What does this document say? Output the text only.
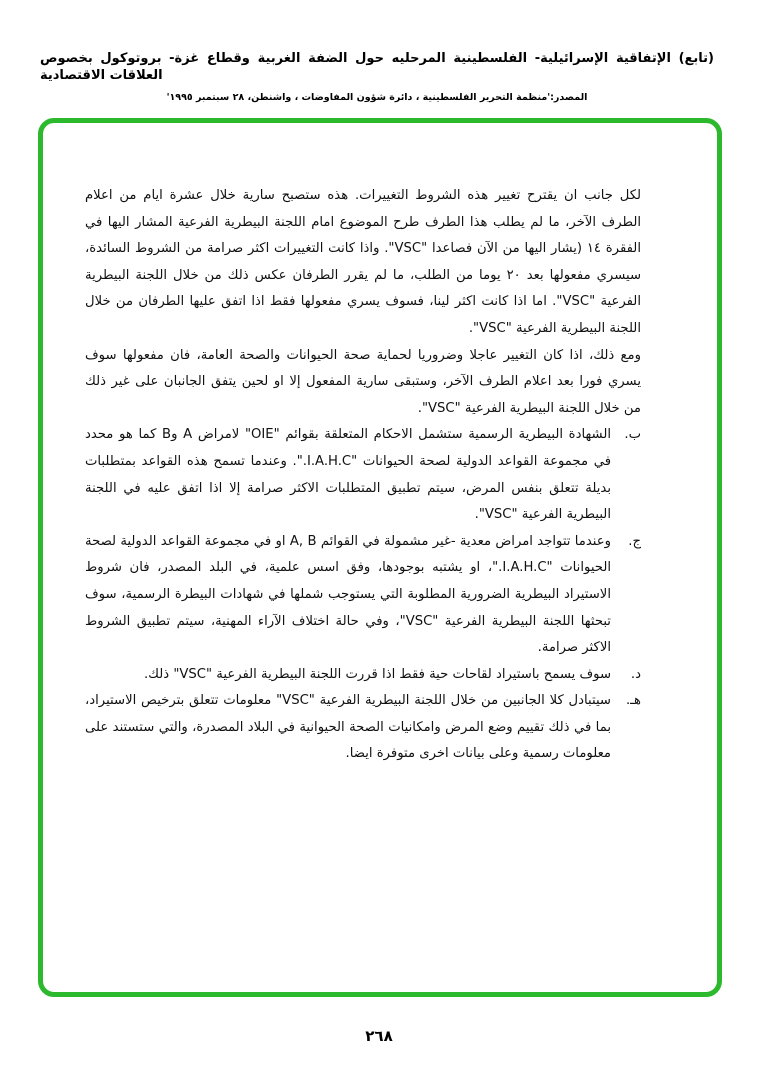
(تابع) الإتفاقية الإسرائيلية- الفلسطينية المرحليه حول الضفة الغربية وقطاع غزة- بروتوكول بخصوص العلاقات الاقتصادية
المصدر:'منظمة التحرير الفلسطينية ، دائرة شؤون المفاوضات ، واشنطن، ٢٨ سبتمبر ١٩٩٥'

لكل جانب ان يقترح تغيير هذه الشروط التغييرات. هذه ستصبح سارية خلال عشرة ايام من اعلام الطرف الآخر، ما لم يطلب هذا الطرف طرح الموضوع امام اللجنة البيطرية الفرعية المشار اليها في الفقرة ١٤ (يشار اليها من الآن فصاعدا "VSC". واذا كانت التغييرات اكثر صرامة من الشروط السائدة، سيسري مفعولها بعد ٢٠ يوما من الطلب، ما لم يقرر الطرفان عكس ذلك من خلال اللجنة البيطرية الفرعية "VSC". اما اذا كانت اكثر لينا، فسوف يسري مفعولها فقط اذا اتفق عليها الطرفان من خلال اللجنة البيطرية الفرعية "VSC".

ومع ذلك، اذا كان التغيير عاجلا وضروريا لحماية صحة الحيوانات والصحة العامة، فان مفعولها سوف يسري فورا بعد اعلام الطرف الآخر، وستبقى سارية المفعول إلا او لحين يتفق الجانبان على غير ذلك من خلال اللجنة البيطرية الفرعية "VSC".

ب.
الشهادة البيطرية الرسمية ستشمل الاحكام المتعلقة بقوائم "OIE" لامراض A وB كما هو محدد في مجموعة القواعد الدولية لصحة الحيوانات "I.A.H.C.". وعندما تسمح هذه القواعد بمتطلبات بديلة تتعلق بنفس المرض، سيتم تطبيق المتطلبات الاكثر صرامة إلا اذا اتفق عليه في اللجنة البيطرية الفرعية "VSC".
ج.
وعندما تتواجد امراض معدية -غير مشمولة في القوائم A, B او في مجموعة القواعد الدولية لصحة الحيوانات "I.A.H.C."، او يشتبه بوجودها، وفق اسس علمية، في البلد المصدر، فان شروط الاستيراد البيطرية الضرورية المطلوبة التي يستوجب شملها في شهادات البيطرة الرسمية، سوف تبحثها اللجنة البيطرية الفرعية "VSC"، وفي حالة اختلاف الآراء المهنية، سيتم تطبيق الشروط الاكثر صرامة.
د.
سوف يسمح باستيراد لقاحات حية فقط اذا قررت اللجنة البيطرية الفرعية "VSC" ذلك.
هـ.
سيتبادل كلا الجانبين من خلال اللجنة البيطرية الفرعية "VSC" معلومات تتعلق بترخيص الاستيراد، بما في ذلك تقييم وضع المرض وامكانيات الصحة الحيوانية في البلاد المصدرة، والتي ستستند على معلومات رسمية وعلى بيانات اخرى متوفرة ايضا.
٢٦٨
